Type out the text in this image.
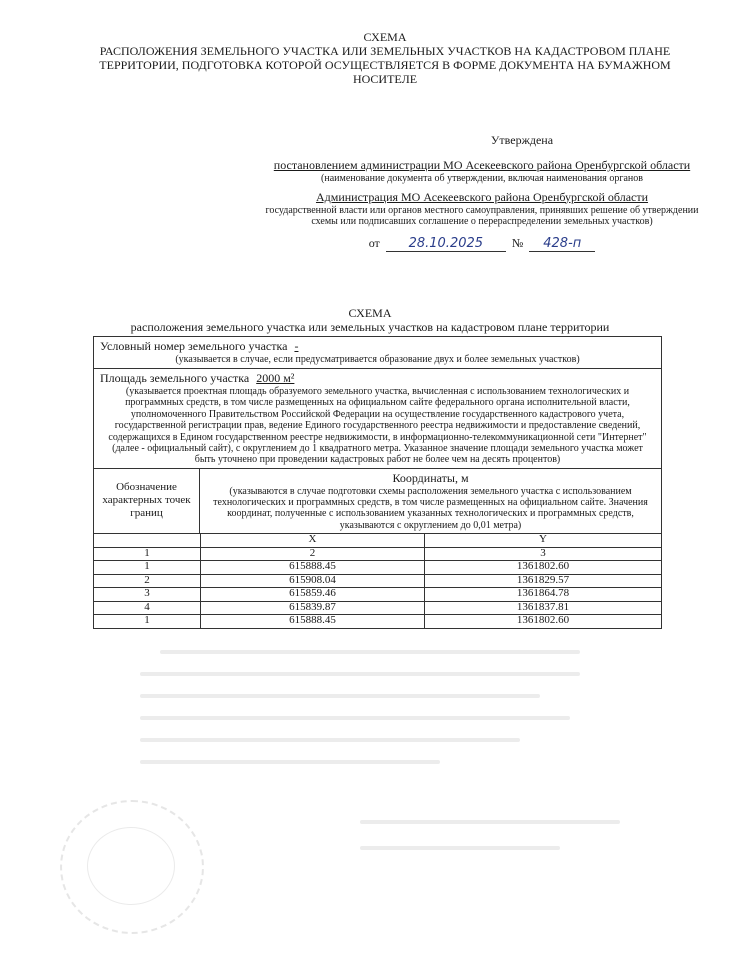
СХЕМА
РАСПОЛОЖЕНИЯ ЗЕМЕЛЬНОГО УЧАСТКА ИЛИ ЗЕМЕЛЬНЫХ УЧАСТКОВ НА КАДАСТРОВОМ ПЛАНЕ ТЕРРИТОРИИ, ПОДГОТОВКА КОТОРОЙ ОСУЩЕСТВЛЯЕТСЯ В ФОРМЕ ДОКУМЕНТА НА БУМАЖНОМ НОСИТЕЛЕ
Утверждена
постановлением администрации МО Асекеевского района Оренбургской области
(наименование документа об утверждении, включая наименования органов
Администрация МО Асекеевского района Оренбургской области
государственной власти или органов местного самоуправления, принявших решение об утверждении схемы или подписавших соглашение о перераспределении земельных участков)
от	28.10.2025	№	428-п
СХЕМА
расположения земельного участка или земельных участков на кадастровом плане территории
Условный номер земельного участка -
(указывается в случае, если предусматривается образование двух и более земельных участков)
Площадь земельного участка 2000 м²
(указывается проектная площадь образуемого земельного участка, вычисленная с использованием технологических и программных средств, в том числе размещенных на официальном сайте федерального органа исполнительной власти, уполномоченного Правительством Российской Федерации на осуществление государственного кадастрового учета, государственной регистрации прав, ведение Единого государственного реестра недвижимости и предоставление сведений, содержащихся в Едином государственном реестре недвижимости, в информационно-телекоммуникационной сети "Интернет" (далее - официальный сайт), с округлением до 1 квадратного метра. Указанное значение площади земельного участка может быть уточнено при проведении кадастровых работ не более чем на десять процентов)
Обозначение характерных точек границ
Координаты, м
(указываются в случае подготовки схемы расположения земельного участка с использованием технологических и программных средств, в том числе размещенных на официальном сайте. Значения координат, полученные с использованием указанных технологических и программных средств, указываются с округлением до 0,01 метра)
	X	Y
1	2	3
1	615888.45	1361802.60
2	615908.04	1361829.57
3	615859.46	1361864.78
4	615839.87	1361837.81
1	615888.45	1361802.60
